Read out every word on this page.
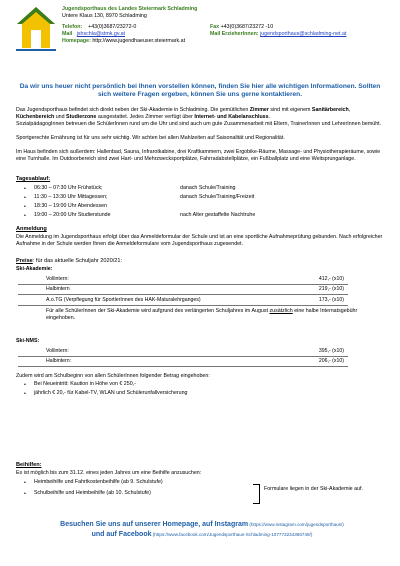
Jugendsporthaus des Landes Steiermark Schladming
Untere Klaus 130, 8970 Schladming
Telefon: +43(0)3687/23272-0	Fax +43(0)3687/23272 -10
Mail jshschla@stmk.gv.at	Mail ErzieherInnen: jugendsporthaus@schladming-net.at
Homepage: http://www.jugendhaeuser.steiermark.at
Da wir uns heuer nicht persönlich bei Ihnen vorstellen können, finden Sie hier alle wichtigen Informationen. Sollten sich weitere Fragen ergeben, können Sie uns gerne kontaktieren.
Das Jugendsporthaus befindet sich direkt neben der Ski-Akademie in Schladming. Die gemütlichen Zimmer sind mit eigenem Sanitärbereich, Küchenbereich und Studierzone ausgestattet. Jedes Zimmer verfügt über Internet- und Kabelanschluss.
SozialpädagogInnen betreuen die SchülerInnen rund um die Uhr und sind auch um gute Zusammenarbeit mit Eltern, TrainerInnen und LehrerInnen bemüht.
Sportgerechte Ernährung ist für uns sehr wichtig. Wir achten bei allen Mahlzeiten auf Saisonalität und Regionalität.
Im Haus befinden sich außerdem: Hallenbad, Sauna, Infrarotkabine, drei Kraftkammern, zwei Ergobike-Räume, Massage- und Physiotherapieräume, sowie eine Turnhalle. Im Outdoorbereich sind zwei Hart- und Mehrzwecksportplätze, Fahrradabstellplätze, ein Fußballplatz und eine Weitsprunganlage.
Tagesablauf:
• 06:30 – 07:30 Uhr Frühstück;	danach Schule/Training
• 11:30 – 13:30 Uhr Mittagessen;	danach Schule/Training/Freizeit
• 18:30 – 19:00 Uhr Abendessen
• 19:00 – 20:00 Uhr Studierstunde	nach Alter gestaffelte Nachtruhe
Anmeldung
Die Anmeldung im Jugendsporthaus erfolgt über das Anmeldeformular der Schule und ist an eine sportliche Aufnahmeprüfung gebunden. Nach erfolgreicher Aufnahme in der Schule werden Ihnen die Anmeldeformulare vom Jugendsporthaus zugesendet.
Preise: für das aktuelle Schuljahr 2020/21:
Ski-Akademie:
Vollintern:	412,- (x10)
Halbintern	219,- (x10)
A.o.TG (Verpflegung für SportlerInnen des HAK-Maturalehrganges)	173,- (x10)
Für alle SchülerInnen der Ski-Akademie wird aufgrund des verlängerten Schuljahres im August zusätzlich eine halbe Internatsgebühr eingehoben.
Ski-NMS:
Vollintern:	395,- (x10)
Halbintern:	206,- (x10)
Zudem wird am Schulbeginn von allen SchülerInnen folgender Betrag eingehoben:
• Bei Neueintritt: Kaution in Höhe von € 250,-
• jährlich € 20,- für Kabel-TV, WLAN und Schülerunfallversicherung
Beihilfen:
Es ist möglich bis zum 31.12. eines jeden Jahres um eine Beihilfe anzusuchen:
• Heimbeihilfe und Fahrtkostenbeihilfe (ab 9. Schulstufe)
• Schulbeihilfe und Heimbeihilfe (ab 10. Schulstufe)
Formulare liegen in der Ski-Akademie auf.
Besuchen Sie uns auf unserer Homepage, auf Instagram (https://www.instagram.com/jugendsporthaus/)
und auf Facebook (https://www.facebook.com/Jugendsporthaus-Schladming-107773234366749/)
